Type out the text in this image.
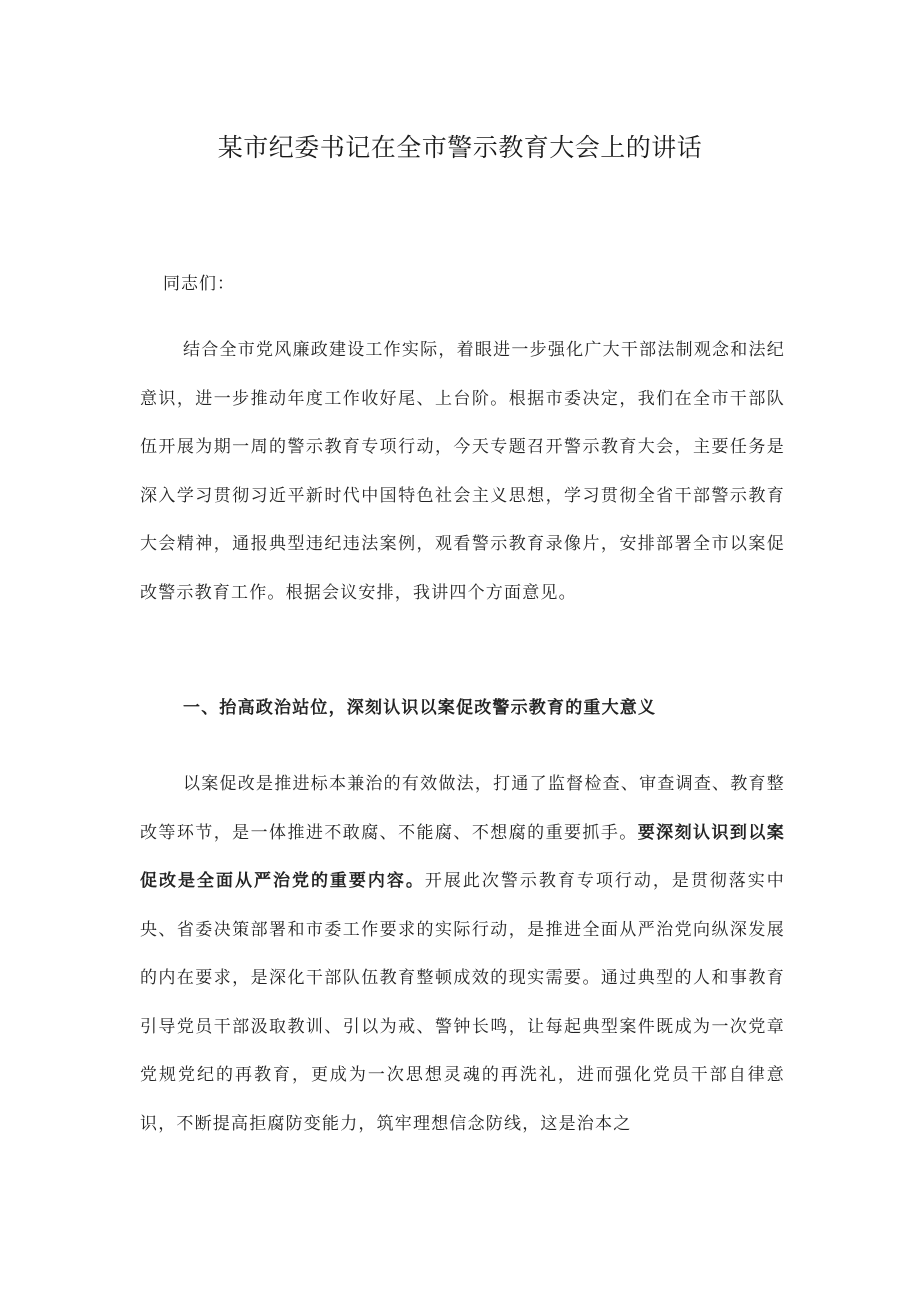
某市纪委书记在全市警示教育大会上的讲话

同志们：

结合全市党风廉政建设工作实际，着眼进一步强化广大干部法制观念和法纪意识，进一步推动年度工作收好尾、上台阶。根据市委决定，我们在全市干部队伍开展为期一周的警示教育专项行动，今天专题召开警示教育大会，主要任务是深入学习贯彻习近平新时代中国特色社会主义思想，学习贯彻全省干部警示教育大会精神，通报典型违纪违法案例，观看警示教育录像片，安排部署全市以案促改警示教育工作。根据会议安排，我讲四个方面意见。

一、抬高政治站位，深刻认识以案促改警示教育的重大意义

以案促改是推进标本兼治的有效做法，打通了监督检查、审查调查、教育整改等环节，是一体推进不敢腐、不能腐、不想腐的重要抓手。要深刻认识到以案促改是全面从严治党的重要内容。开展此次警示教育专项行动，是贯彻落实中央、省委决策部署和市委工作要求的实际行动，是推进全面从严治党向纵深发展的内在要求，是深化干部队伍教育整顿成效的现实需要。通过典型的人和事教育引导党员干部汲取教训、引以为戒、警钟长鸣，让每起典型案件既成为一次党章党规党纪的再教育，更成为一次思想灵魂的再洗礼，进而强化党员干部自律意识，不断提高拒腐防变能力，筑牢理想信念防线，这是治本之
